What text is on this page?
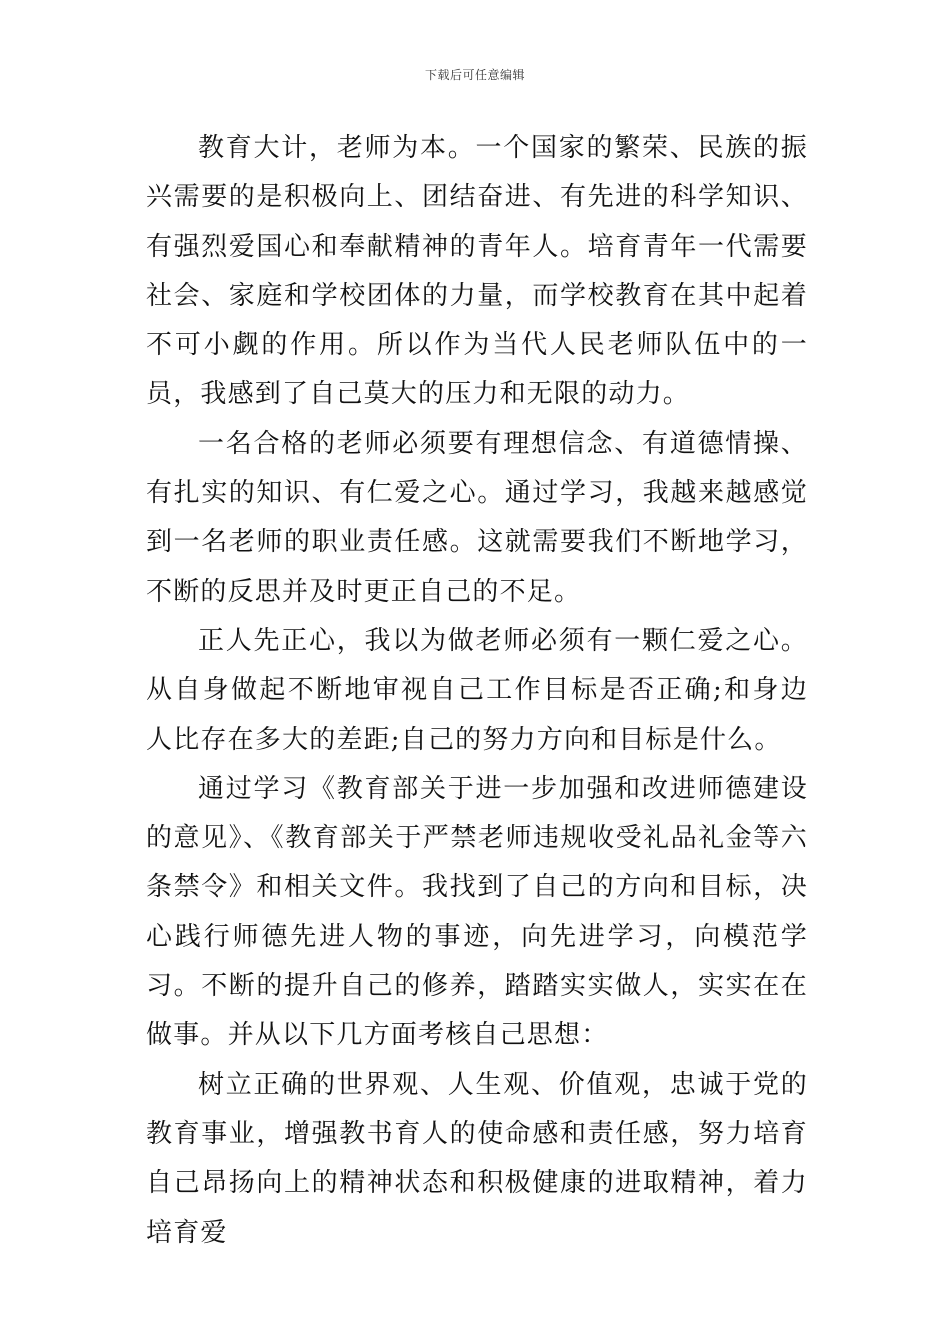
下载后可任意编辑

教育大计，老师为本。一个国家的繁荣、民族的振兴需要的是积极向上、团结奋进、有先进的科学知识、有强烈爱国心和奉献精神的青年人。培育青年一代需要社会、家庭和学校团体的力量，而学校教育在其中起着不可小觑的作用。所以作为当代人民老师队伍中的一员，我感到了自己莫大的压力和无限的动力。

一名合格的老师必须要有理想信念、有道德情操、有扎实的知识、有仁爱之心。通过学习，我越来越感觉到一名老师的职业责任感。这就需要我们不断地学习，不断的反思并及时更正自己的不足。

正人先正心，我以为做老师必须有一颗仁爱之心。从自身做起不断地审视自己工作目标是否正确;和身边人比存在多大的差距;自己的努力方向和目标是什么。

通过学习《教育部关于进一步加强和改进师德建设的意见》、《教育部关于严禁老师违规收受礼品礼金等六条禁令》和相关文件。我找到了自己的方向和目标，决心践行师德先进人物的事迹，向先进学习，向模范学习。不断的提升自己的修养，踏踏实实做人，实实在在做事。并从以下几方面考核自己思想：

树立正确的世界观、人生观、价值观，忠诚于党的教育事业，增强教书育人的使命感和责任感，努力培育自己昂扬向上的精神状态和积极健康的进取精神，着力培育爱
